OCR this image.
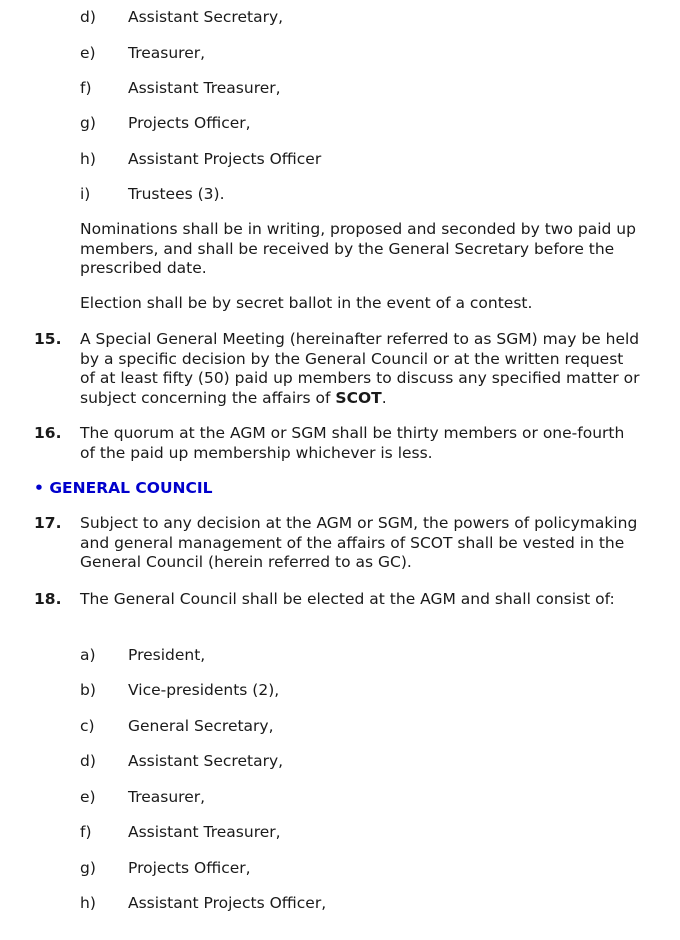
d) Assistant Secretary,
e) Treasurer,
f) Assistant Treasurer,
g) Projects Officer,
h) Assistant Projects Officer
i) Trustees (3).
Nominations shall be in writing, proposed and seconded by two paid up members, and shall be received by the General Secretary before the prescribed date.
Election shall be by secret ballot in the event of a contest.
15. A Special General Meeting (hereinafter referred to as SGM) may be held by a specific decision by the General Council or at the written request of at least fifty (50) paid up members to discuss any specified matter or subject concerning the affairs of SCOT.
16. The quorum at the AGM or SGM shall be thirty members or one-fourth of the paid up membership whichever is less.
• GENERAL COUNCIL
17. Subject to any decision at the AGM or SGM, the powers of policymaking and general management of the affairs of SCOT shall be vested in the General Council (herein referred to as GC).
18. The General Council shall be elected at the AGM and shall consist of:
a) President,
b) Vice-presidents (2),
c) General Secretary,
d) Assistant Secretary,
e) Treasurer,
f) Assistant Treasurer,
g) Projects Officer,
h) Assistant Projects Officer,
